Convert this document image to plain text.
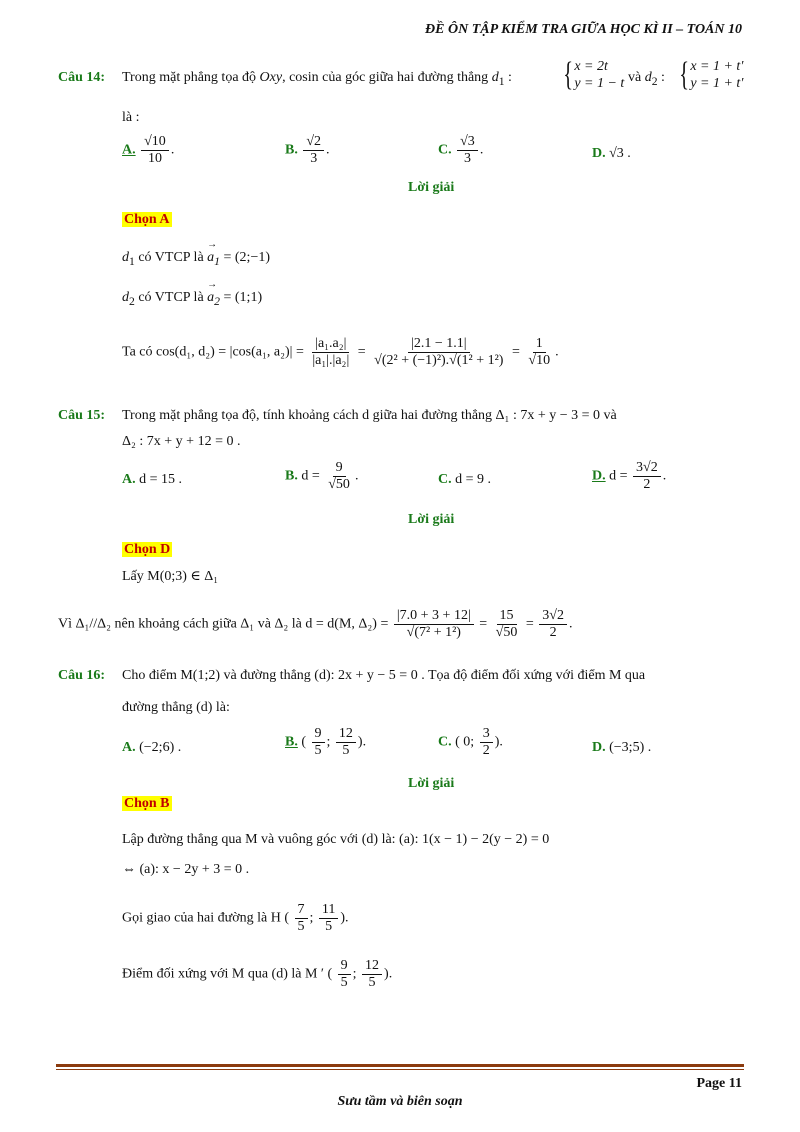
ĐỀ ÔN TẬP KIỂM TRA GIỮA HỌC KÌ II – TOÁN 10
Câu 14: Trong mặt phẳng tọa độ Oxy, cosin của góc giữa hai đường thẳng $d_1$ : { x = 2t
y = 1 − t và $d_2$ : { x = 1 + t′
y = 1 + t′
là :
A. $\frac{√10}{10}$ .	B. $\frac{√2}{3}$ .	C. $\frac{√3}{3}$ .	D. √3 .
Lời giải
Chọn A
$d_1$ có VTCP là → $a_1$ = (2;−1)
$d_2$ có VTCP là → $a_2$ = (1;1)
Ta có cos(d₁, d₂) = |cos(a₁, $a_2)| = \frac{\text{|a₁.a₂|}}{\text{|a₁|.|a₂|}} = \frac{|2.1 - 1.1|}{\text{√(2² + (−1)²).√(1² + 1²)}} = \frac{1}{√10}$ .
Câu 15: Trong mặt phẳng tọa độ, tính khoảng cách d giữa hai đường thẳng Δ₁ : 7x + y − 3 = 0 và
Δ₂ : 7x + y + 12 = 0 .
A. d = 15 .	B. $d = \frac{9}{√50}$ .	C. d = 9 .	D. $d = \frac{3√2}{2}$ .
Lời giải
Chọn D
Lấy M(0;3) ∈ Δ₁
Vì Δ₁//Δ₂ nên khoảng cách giữa Δ₁ và Δ₂ là d = d(M, $\Delta_2) = \frac{|7.0 + 3 + 12|}{\text{√(7² + 1²)}} = \frac{15}{√50} = \frac{3√2}{2}$ .
Câu 16: Cho điểm M(1;2) và đường thẳng (d): 2x + y − 5 = 0 . Tọa độ điểm đối xứng với điểm M qua
đường thẳng (d) là:
A. (−2;6) .	B. ( $\frac{9}{5}$ ; $\frac{12}{5}$ ).	C. ( 0; $\frac{3}{2}$ ).	D. (−3;5) .
Lời giải
Chọn B
Lập đường thẳng qua M và vuông góc với (d) là: (a): 1(x − 1) − 2(y − 2) = 0
⇔ (a): x − 2y + 3 = 0 .
Gọi giao của hai đường là H ( $\frac{7}{5}$ ; $\frac{11}{5}$ ).
Điểm đối xứng với M qua (d) là M ′ ( $\frac{9}{5}$ ; $\frac{12}{5}$ ).
Page 11
Sưu tầm và biên soạn
